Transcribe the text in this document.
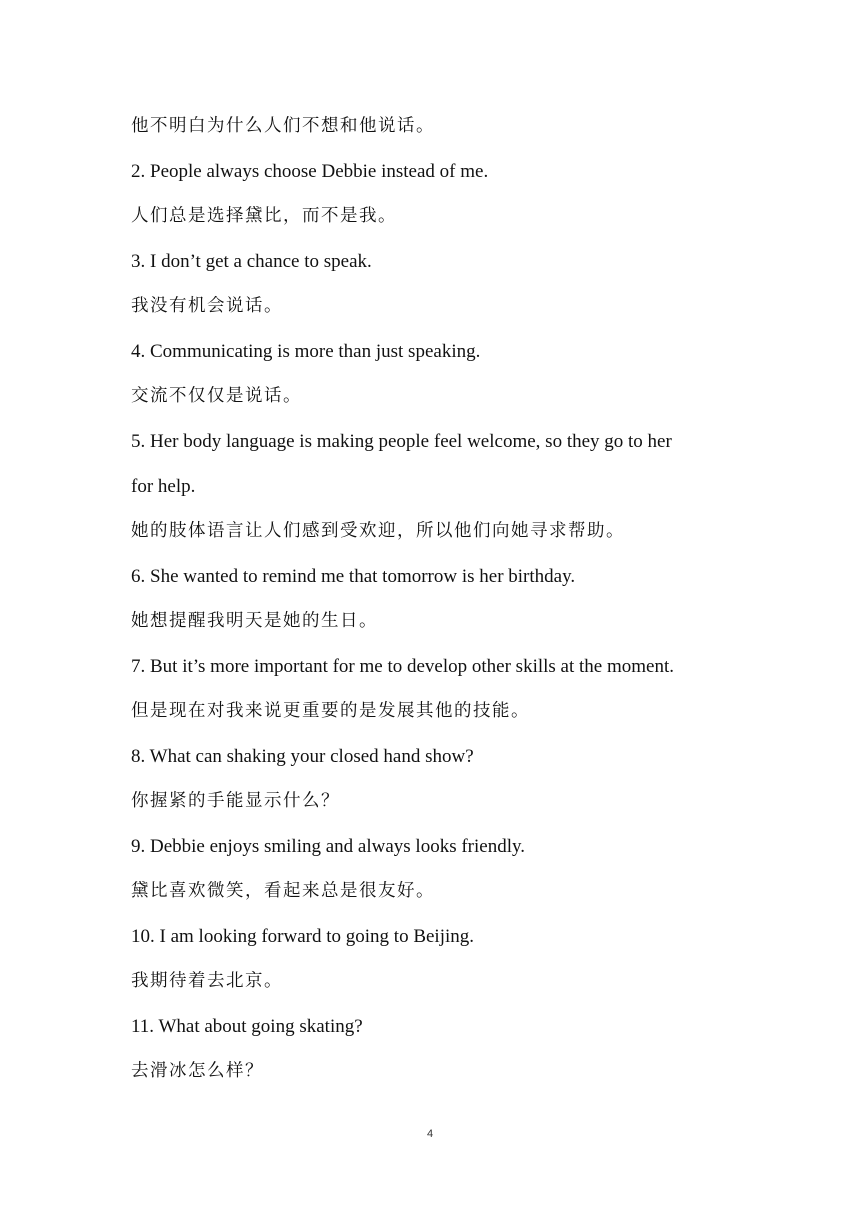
他不明白为什么人们不想和他说话。

2. People always choose Debbie instead of me.

人们总是选择黛比，而不是我。

3. I don’t get a chance to speak.

我没有机会说话。

4. Communicating is more than just speaking.

交流不仅仅是说话。

5. Her body language is making people feel welcome, so they go to her

for help.

她的肢体语言让人们感到受欢迎，所以他们向她寻求帮助。

6. She wanted to remind me that tomorrow is her birthday.

她想提醒我明天是她的生日。

7. But it’s more important for me to develop other skills at the moment.

但是现在对我来说更重要的是发展其他的技能。

8. What can shaking your closed hand show?

你握紧的手能显示什么？

9. Debbie enjoys smiling and always looks friendly.

黛比喜欢微笑，看起来总是很友好。

10. I am looking forward to going to Beijing.

我期待着去北京。

11. What about going skating?

去滑冰怎么样？

4
